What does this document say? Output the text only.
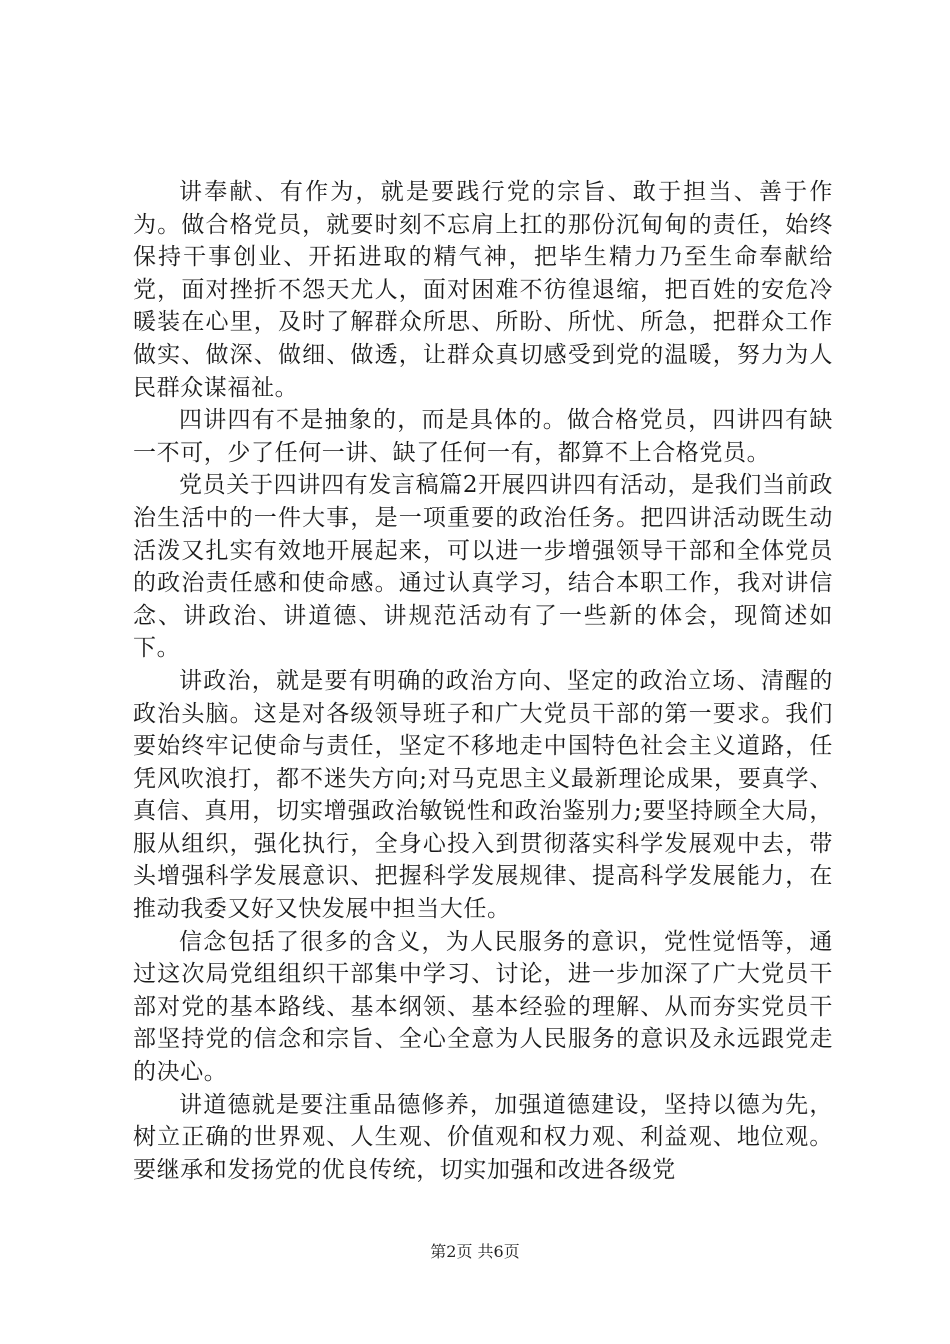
讲奉献、有作为，就是要践行党的宗旨、敢于担当、善于作为。做合格党员，就要时刻不忘肩上扛的那份沉甸甸的责任，始终保持干事创业、开拓进取的精气神，把毕生精力乃至生命奉献给党，面对挫折不怨天尤人，面对困难不彷徨退缩，把百姓的安危冷暖装在心里，及时了解群众所思、所盼、所忧、所急，把群众工作做实、做深、做细、做透，让群众真切感受到党的温暖，努力为人民群众谋福祉。

四讲四有不是抽象的，而是具体的。做合格党员，四讲四有缺一不可，少了任何一讲、缺了任何一有，都算不上合格党员。

党员关于四讲四有发言稿篇2开展四讲四有活动，是我们当前政治生活中的一件大事，是一项重要的政治任务。把四讲活动既生动活泼又扎实有效地开展起来，可以进一步增强领导干部和全体党员的政治责任感和使命感。通过认真学习，结合本职工作，我对讲信念、讲政治、讲道德、讲规范活动有了一些新的体会，现简述如下。

讲政治，就是要有明确的政治方向、坚定的政治立场、清醒的政治头脑。这是对各级领导班子和广大党员干部的第一要求。我们要始终牢记使命与责任，坚定不移地走中国特色社会主义道路，任凭风吹浪打，都不迷失方向;对马克思主义最新理论成果，要真学、真信、真用，切实增强政治敏锐性和政治鉴别力;要坚持顾全大局，服从组织，强化执行，全身心投入到贯彻落实科学发展观中去，带头增强科学发展意识、把握科学发展规律、提高科学发展能力，在推动我委又好又快发展中担当大任。

信念包括了很多的含义，为人民服务的意识，党性觉悟等，通过这次局党组组织干部集中学习、讨论，进一步加深了广大党员干部对党的基本路线、基本纲领、基本经验的理解、从而夯实党员干部坚持党的信念和宗旨、全心全意为人民服务的意识及永远跟党走的决心。

讲道德就是要注重品德修养，加强道德建设，坚持以德为先，树立正确的世界观、人生观、价值观和权力观、利益观、地位观。要继承和发扬党的优良传统，切实加强和改进各级党

第2页 共6页
